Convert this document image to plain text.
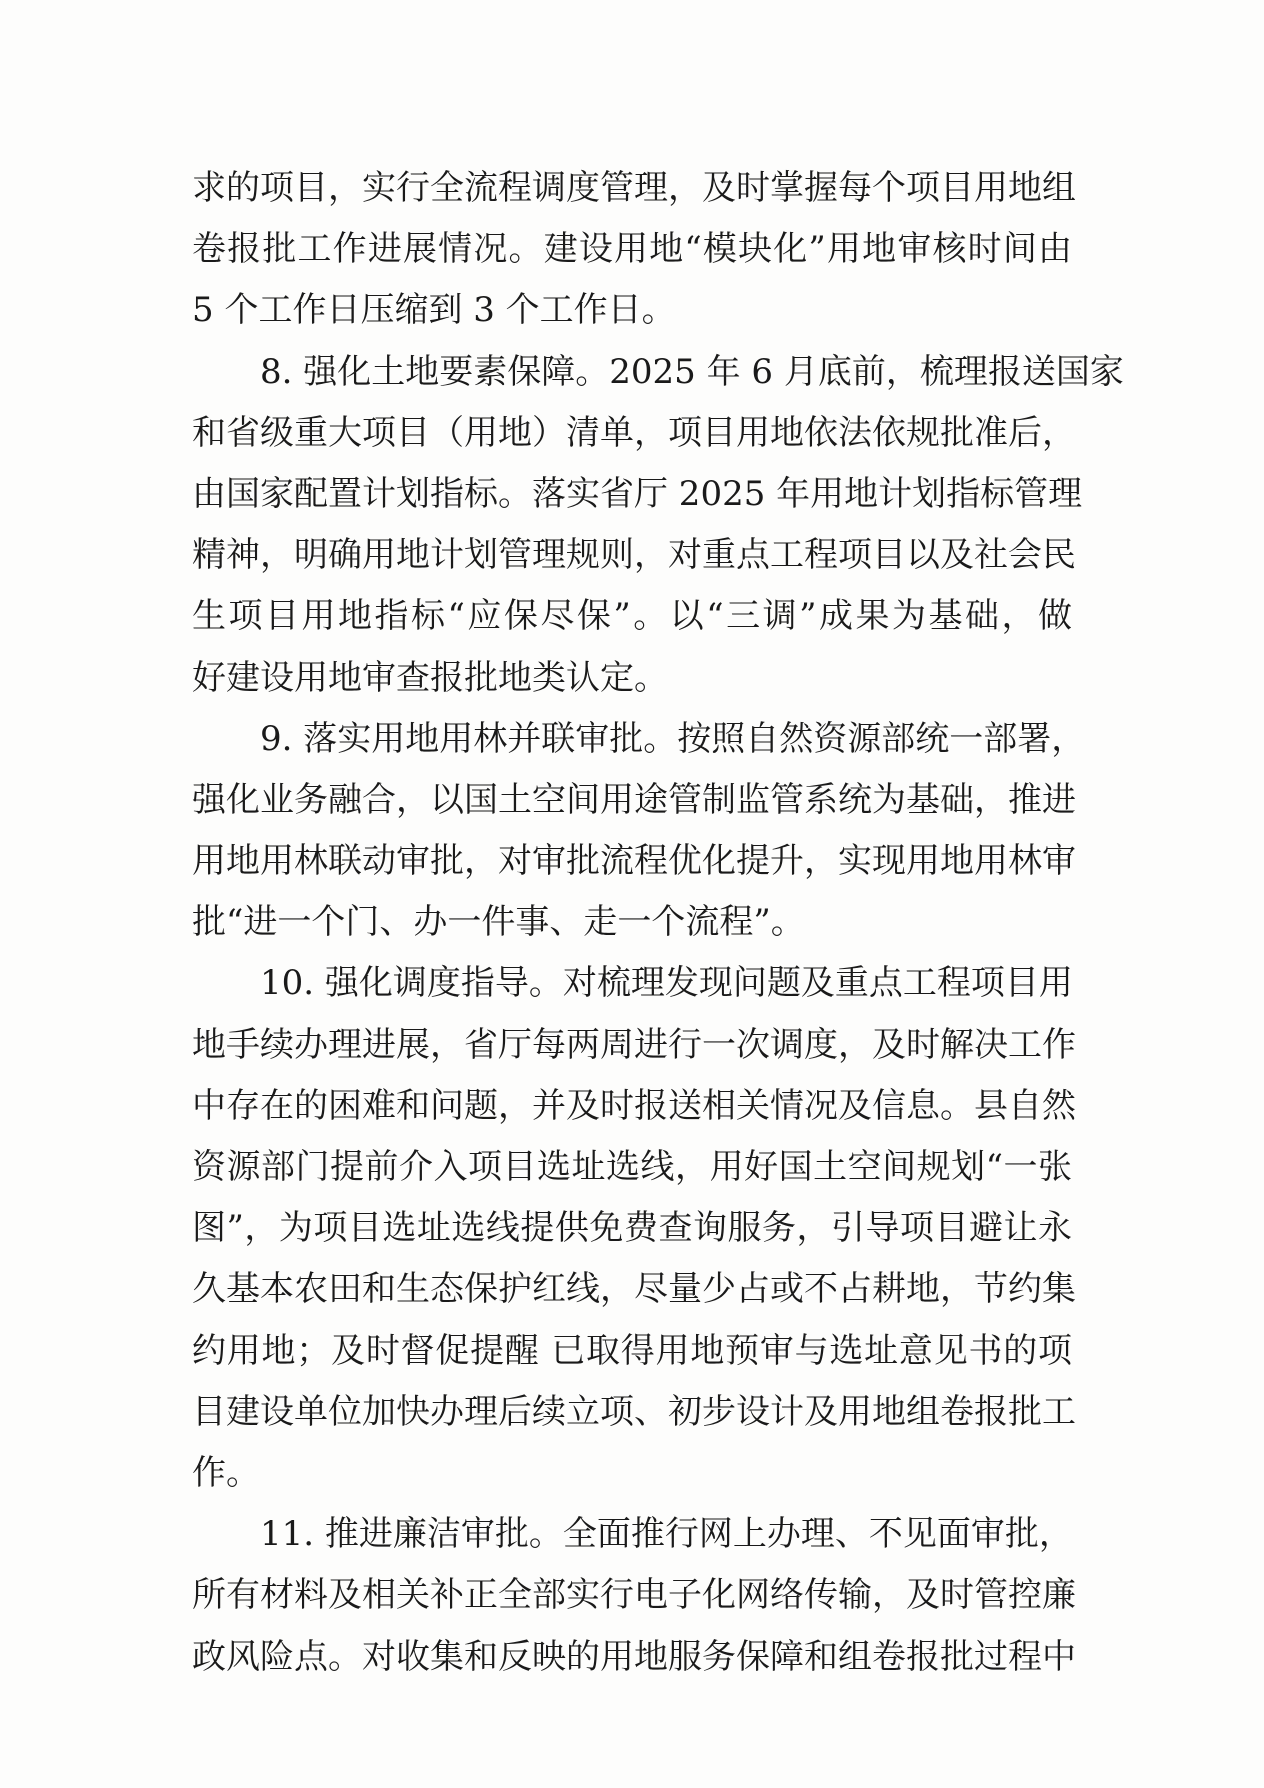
求的项目，实行全流程调度管理，及时掌握每个项目用地组
卷报批工作进展情况。建设用地“模块化”用地审核时间由
5 个工作日压缩到 3 个工作日。
8. 强化土地要素保障。2025 年 6 月底前，梳理报送国家
和省级重大项目（用地）清单，项目用地依法依规批准后，
由国家配置计划指标。落实省厅 2025 年用地计划指标管理
精神，明确用地计划管理规则，对重点工程项目以及社会民
生项目用地指标“应保尽保”。以“三调”成果为基础，做
好建设用地审查报批地类认定。
9. 落实用地用林并联审批。按照自然资源部统一部署，
强化业务融合，以国土空间用途管制监管系统为基础，推进
用地用林联动审批，对审批流程优化提升，实现用地用林审
批“进一个门、办一件事、走一个流程”。
10. 强化调度指导。对梳理发现问题及重点工程项目用
地手续办理进展，省厅每两周进行一次调度，及时解决工作
中存在的困难和问题，并及时报送相关情况及信息。县自然
资源部门提前介入项目选址选线，用好国土空间规划“一张
图”，为项目选址选线提供免费查询服务，引导项目避让永
久基本农田和生态保护红线，尽量少占或不占耕地，节约集
约用地；及时督促提醒 已取得用地预审与选址意见书的项
目建设单位加快办理后续立项、初步设计及用地组卷报批工
作。
11. 推进廉洁审批。全面推行网上办理、不见面审批，
所有材料及相关补正全部实行电子化网络传输，及时管控廉
政风险点。对收集和反映的用地服务保障和组卷报批过程中
